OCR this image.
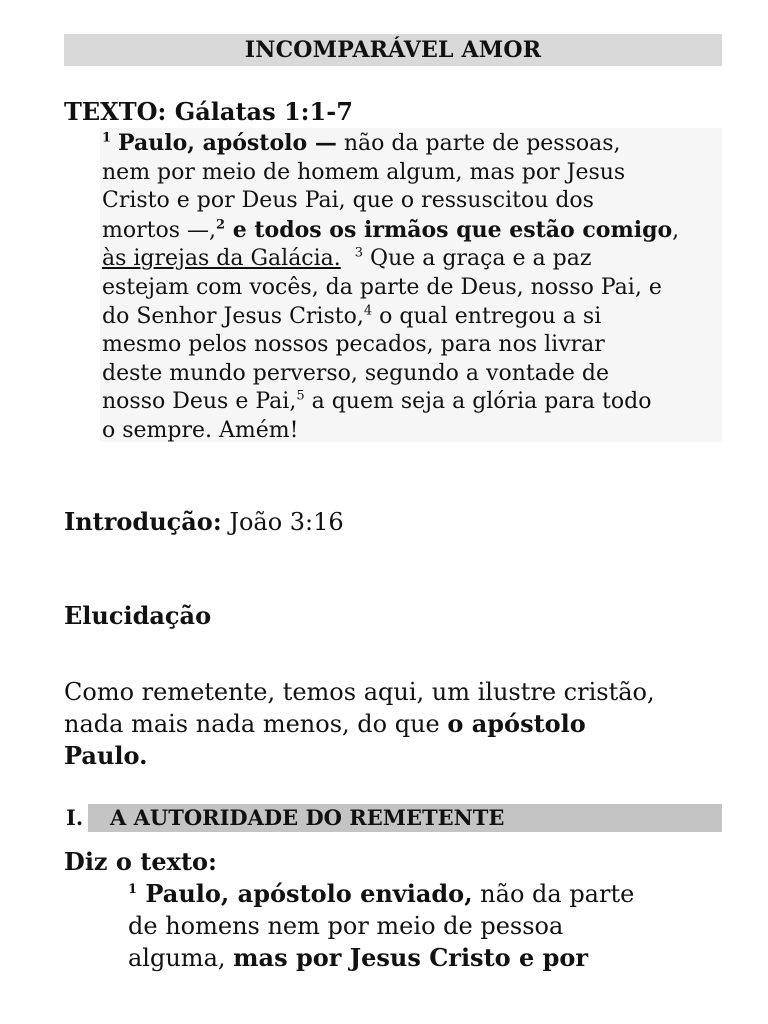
INCOMPARÁVEL AMOR
TEXTO: Gálatas 1:1-7
$^1$ Paulo, apóstolo — não da parte de pessoas,
nem por meio de homem algum, mas por Jesus
Cristo e por Deus Pai, que o ressuscitou dos
mortos —,$^2$ e todos os irmãos que estão comigo,
às igrejas da Galácia. $^3$ Que a graça e a paz
estejam com vocês, da parte de Deus, nosso Pai, e
do Senhor Jesus Cristo,$^4$ o qual entregou a si
mesmo pelos nossos pecados, para nos livrar
deste mundo perverso, segundo a vontade de
nosso Deus e Pai,$^5$ a quem seja a glória para todo
o sempre. Amém!
Introdução: João 3:16
Elucidação
Como remetente, temos aqui, um ilustre cristão,
nada mais nada menos, do que o apóstolo
Paulo.
I.	A AUTORIDADE DO REMETENTE
Diz o texto:
$^1$ Paulo, apóstolo enviado, não da parte
de homens nem por meio de pessoa
alguma, mas por Jesus Cristo e por
